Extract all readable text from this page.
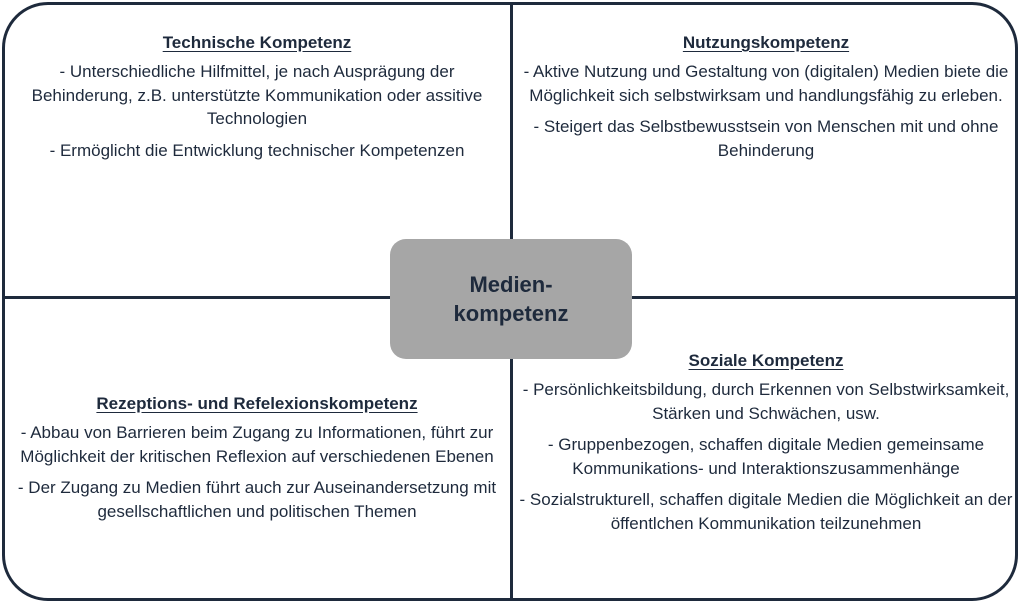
Medien-
kompetenz
Technische Kompetenz
- Unterschiedliche Hilfmittel, je nach Ausprägung der Behinderung, z.B. unterstützte Kommunikation oder assitive Technologien
- Ermöglicht die Entwicklung technischer Kompetenzen
Nutzungskompetenz
- Aktive Nutzung und Gestaltung von (digitalen) Medien biete die Möglichkeit sich selbstwirksam und handlungsfähig zu erleben.
- Steigert das Selbstbewusstsein von Menschen mit und ohne Behinderung
Rezeptions- und Refelexionskompetenz
- Abbau von Barrieren beim Zugang zu Informationen, führt zur Möglichkeit der kritischen Reflexion auf verschiedenen Ebenen
- Der Zugang zu Medien führt auch zur Auseinandersetzung mit gesellschaftlichen und politischen Themen
Soziale Kompetenz
- Persönlichkeitsbildung, durch Erkennen von Selbstwirksamkeit, Stärken und Schwächen, usw.
- Gruppenbezogen, schaffen digitale Medien gemeinsame Kommunikations- und Interaktionszusammenhänge
- Sozialstrukturell, schaffen digitale Medien die Möglichkeit an der öffentlchen Kommunikation teilzunehmen
